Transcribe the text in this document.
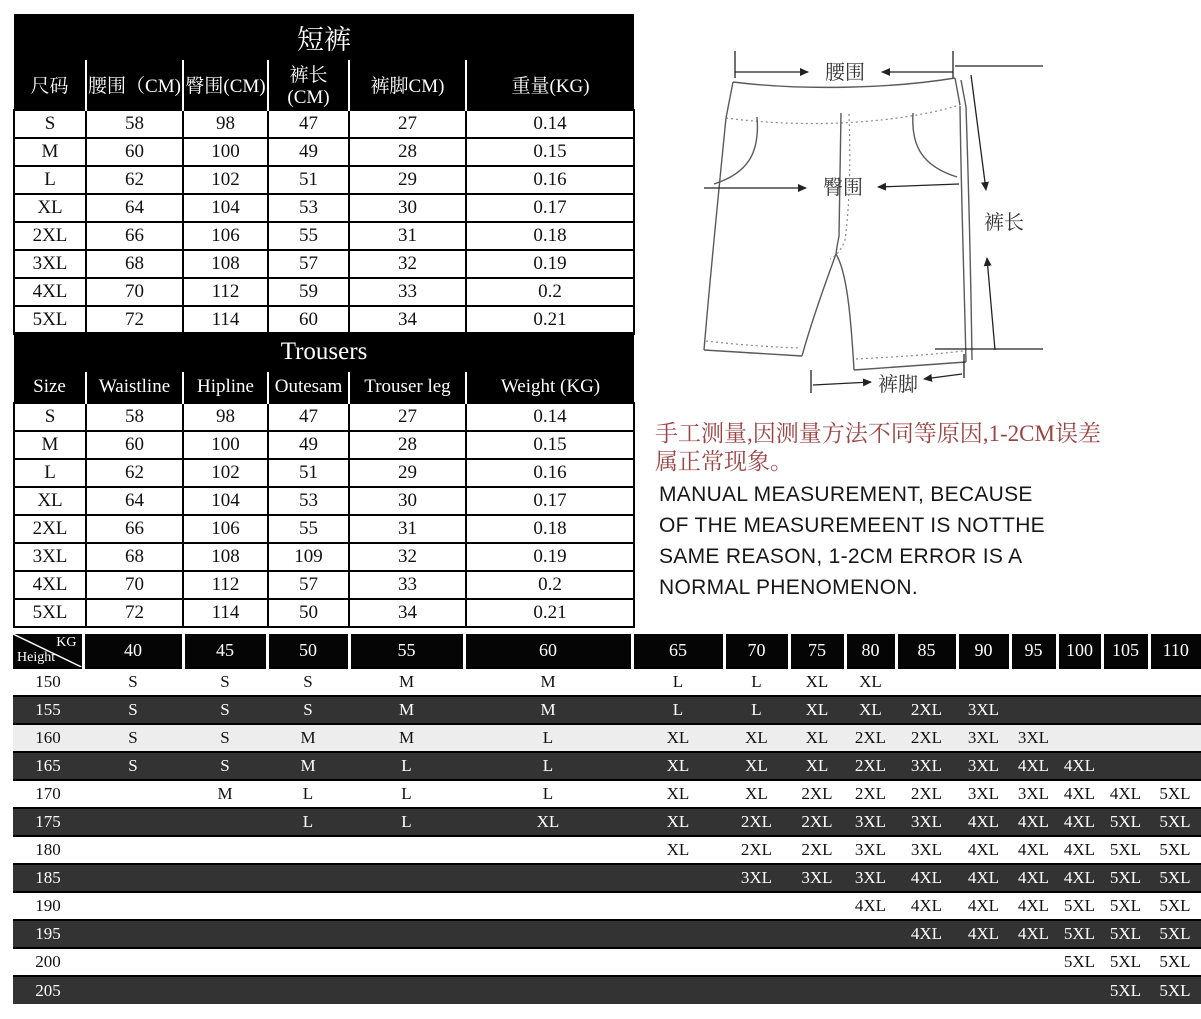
短裤					
尺码	腰围（CM)	臀围(CM)	裤长(CM)	裤脚CM)	重量(KG)
S	58	98	47	27	0.14
M	60	100	49	28	0.15
L	62	102	51	29	0.16
XL	64	104	53	30	0.17
2XL	66	106	55	31	0.18
3XL	68	108	57	32	0.19
4XL	70	112	59	33	0.2
5XL	72	114	60	34	0.21
Trousers					
Size	Waistline	Hipline	Outesam	Trouser leg	Weight (KG)
S	58	98	47	27	0.14
M	60	100	49	28	0.15
L	62	102	51	29	0.16
XL	64	104	53	30	0.17
2XL	66	106	55	31	0.18
3XL	68	108	109	32	0.19
4XL	70	112	57	33	0.2
5XL	72	114	50	34	0.21
腰围
臀围
裤长
裤脚
手工测量,因测量方法不同等原因,1-2CM误差
属正常现象。
MANUAL MEASUREMENT, BECAUSE
OF THE MEASUREMEENT IS NOTTHE
SAME REASON, 1-2CM ERROR IS A
NORMAL PHENOMENON.
KG
Height	40	45	50	55	60	65	70	75	80	85	90	95	100	105	110
150	S	S	S	M	M	L	L	XL	XL						
155	S	S	S	M	M	L	L	XL	XL	2XL	3XL				
160	S	S	M	M	L	XL	XL	XL	2XL	2XL	3XL	3XL			
165	S	S	M	L	L	XL	XL	XL	2XL	3XL	3XL	4XL	4XL		
170		M	L	L	L	XL	XL	2XL	2XL	2XL	3XL	3XL	4XL	4XL	5XL
175			L	L	XL	XL	2XL	2XL	3XL	3XL	4XL	4XL	4XL	5XL	5XL
180						XL	2XL	2XL	3XL	3XL	4XL	4XL	4XL	5XL	5XL
185							3XL	3XL	3XL	4XL	4XL	4XL	4XL	5XL	5XL
190									4XL	4XL	4XL	4XL	5XL	5XL	5XL
195										4XL	4XL	4XL	5XL	5XL	5XL
200													5XL	5XL	5XL
205														5XL	5XL
